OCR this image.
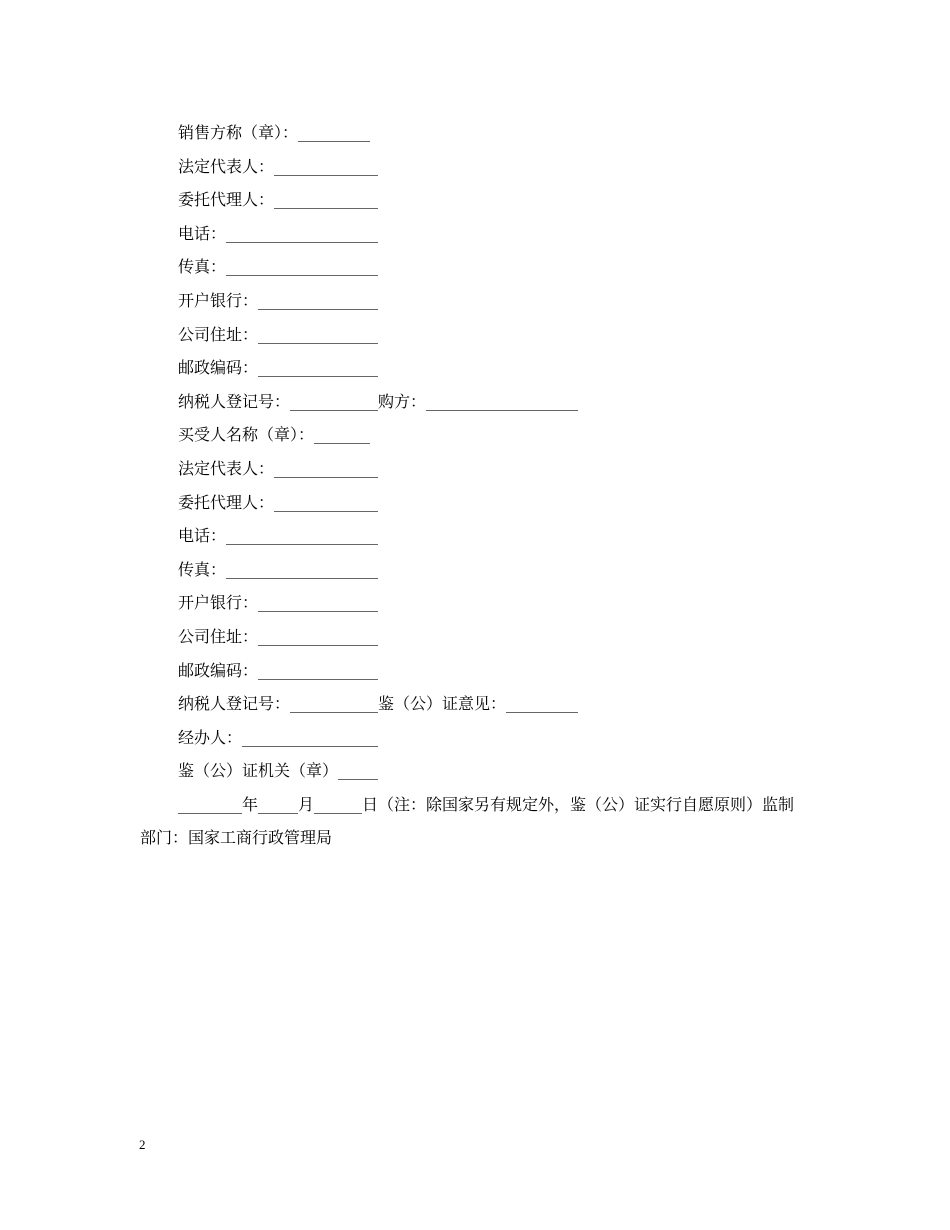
销售方称（章）：_________
法定代表人：_____________
委托代理人：_____________
电话：___________________
传真：___________________
开户银行：_______________
公司住址：_______________
邮政编码：_______________
纳税人登记号：___________购方：___________________
买受人名称（章）：_______
法定代表人：_____________
委托代理人：_____________
电话：___________________
传真：___________________
开户银行：_______________
公司住址：_______________
邮政编码：_______________
纳税人登记号：___________鉴（公）证意见：_________
经办人：_________________
鉴（公）证机关（章）_____
________年_____月______日（注：除国家另有规定外，鉴（公）证实行自愿原则）监制部门：国家工商行政管理局
2
